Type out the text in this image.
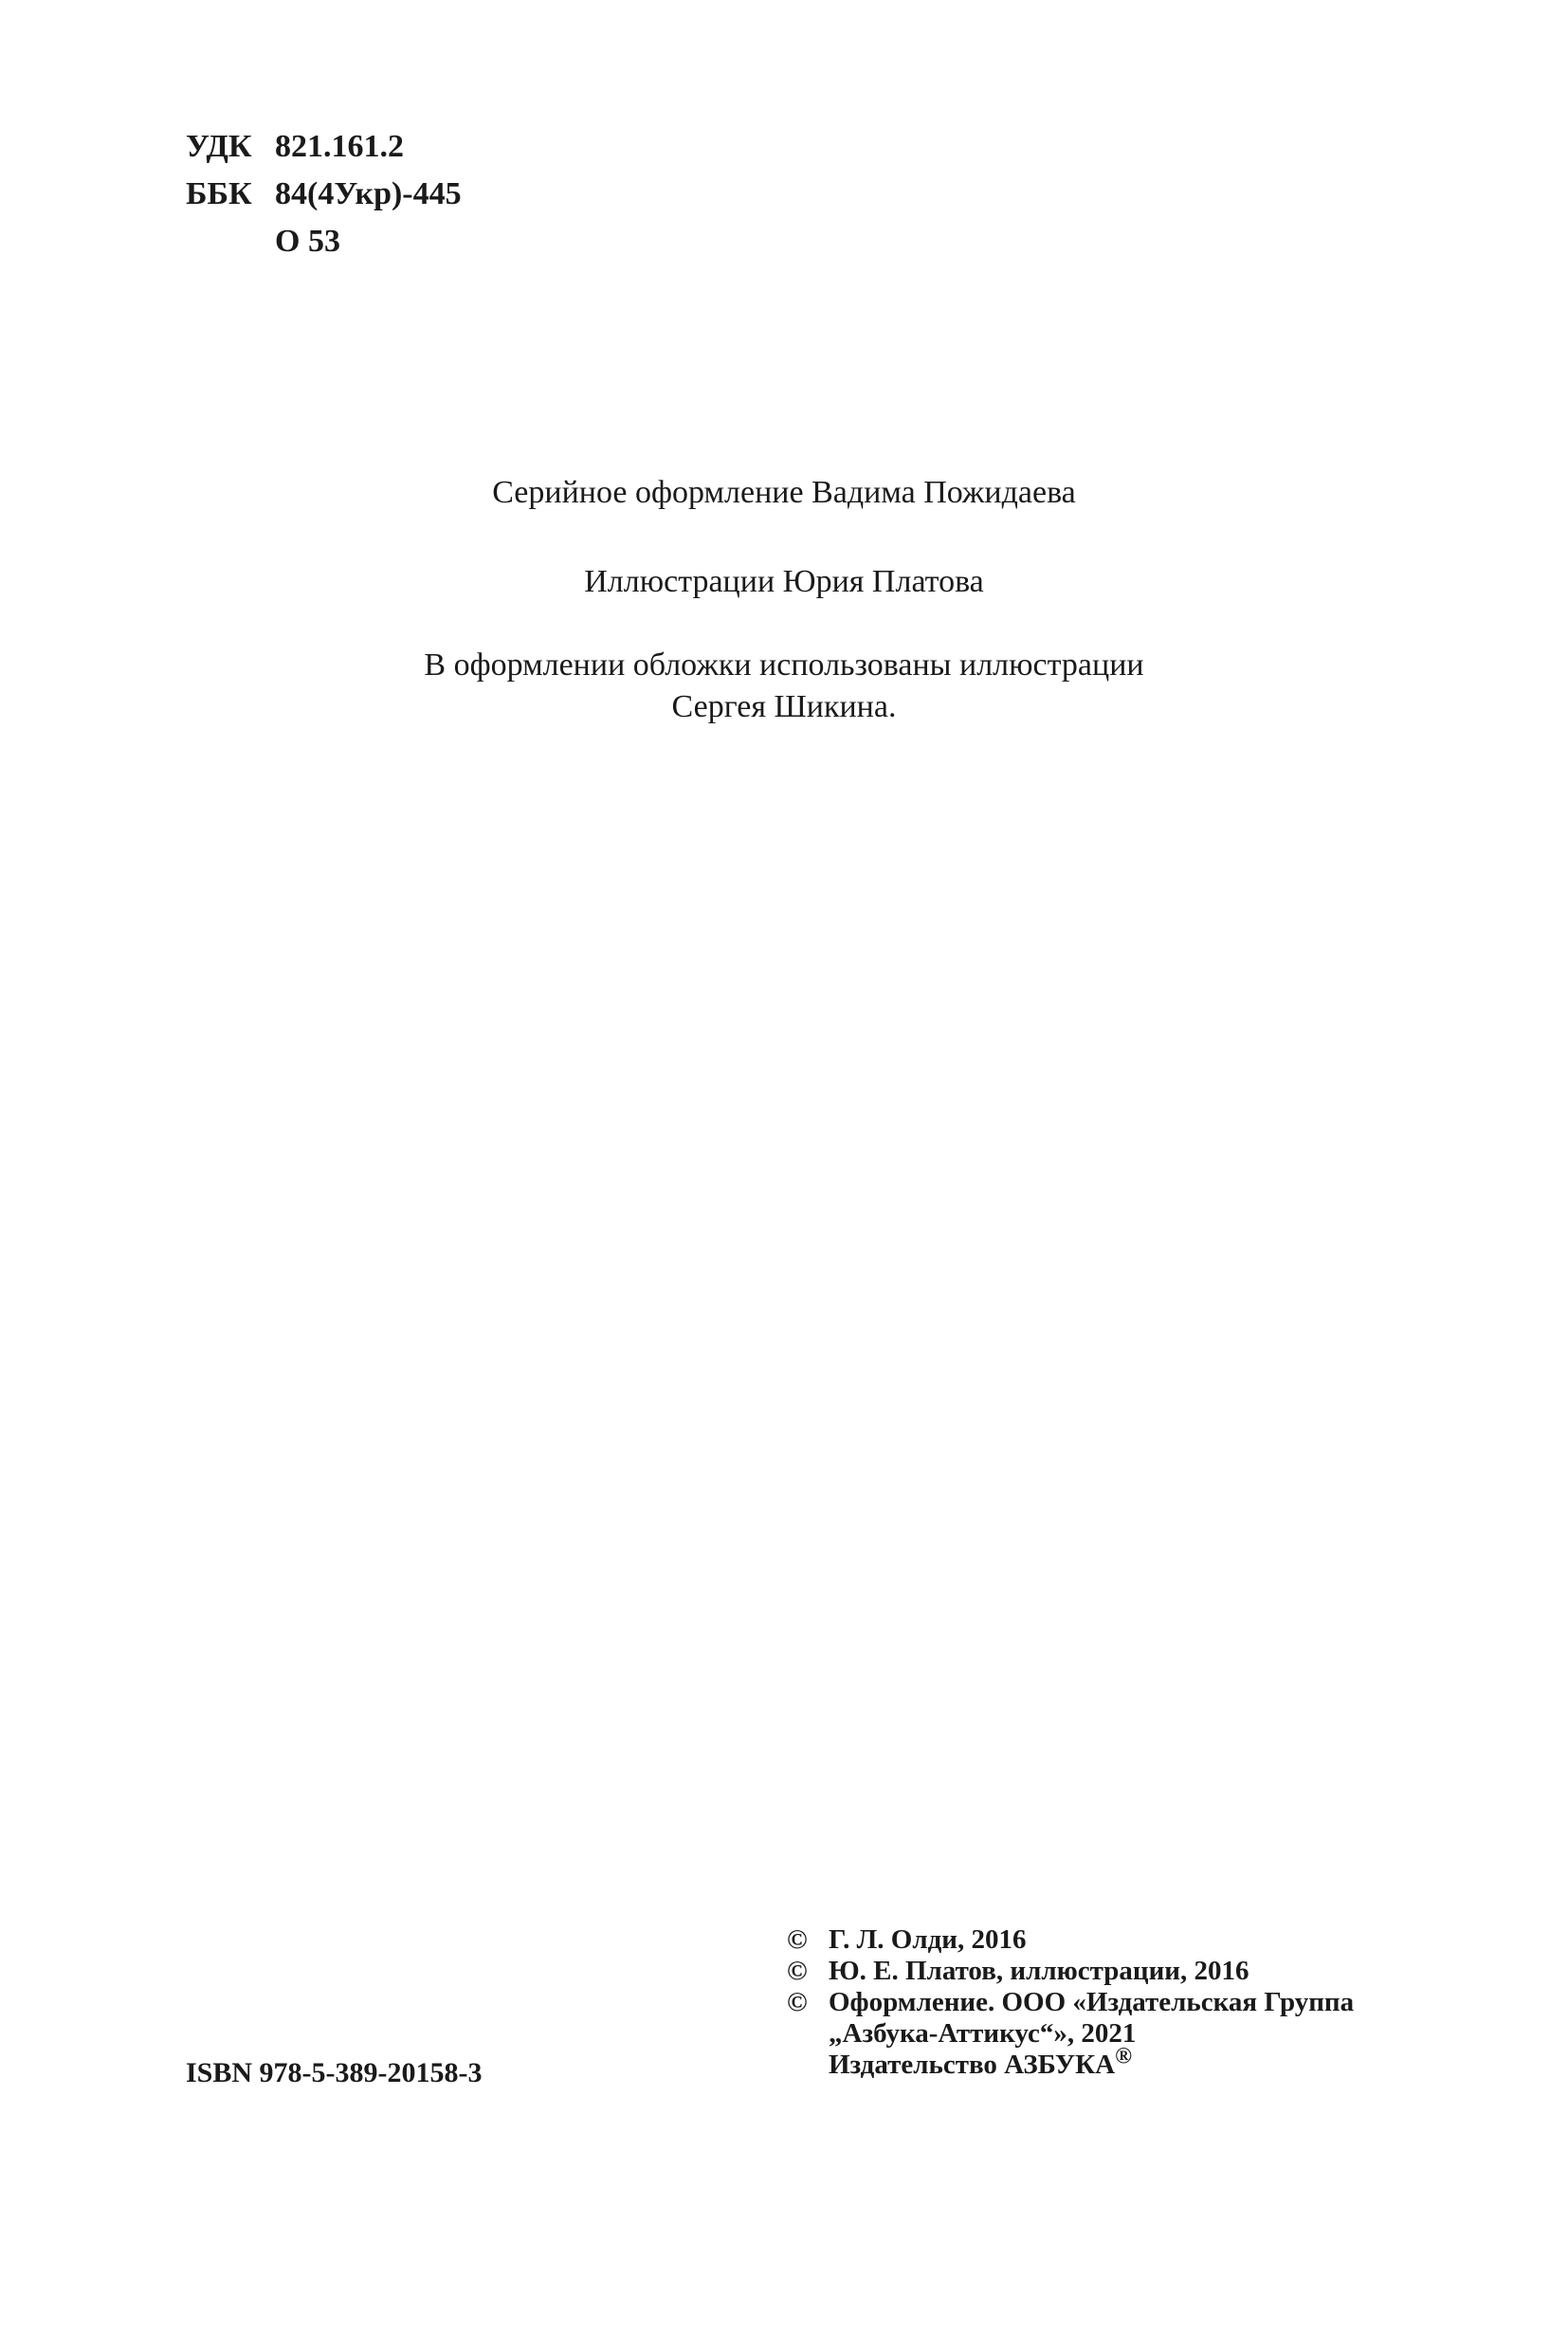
УДК 821.161.2
ББК 84(4Укр)-445
О 53
Серийное оформление Вадима Пожидаева
Иллюстрации Юрия Платова
В оформлении обложки использованы иллюстрации
Сергея Шикина.
ISBN 978-5-389-20158-3
© Г. Л. Олди, 2016
© Ю. Е. Платов, иллюстрации, 2016
© Оформление. ООО «Издательская Группа
„Азбука-Аттикус“», 2021
Издательство АЗБУКА®
